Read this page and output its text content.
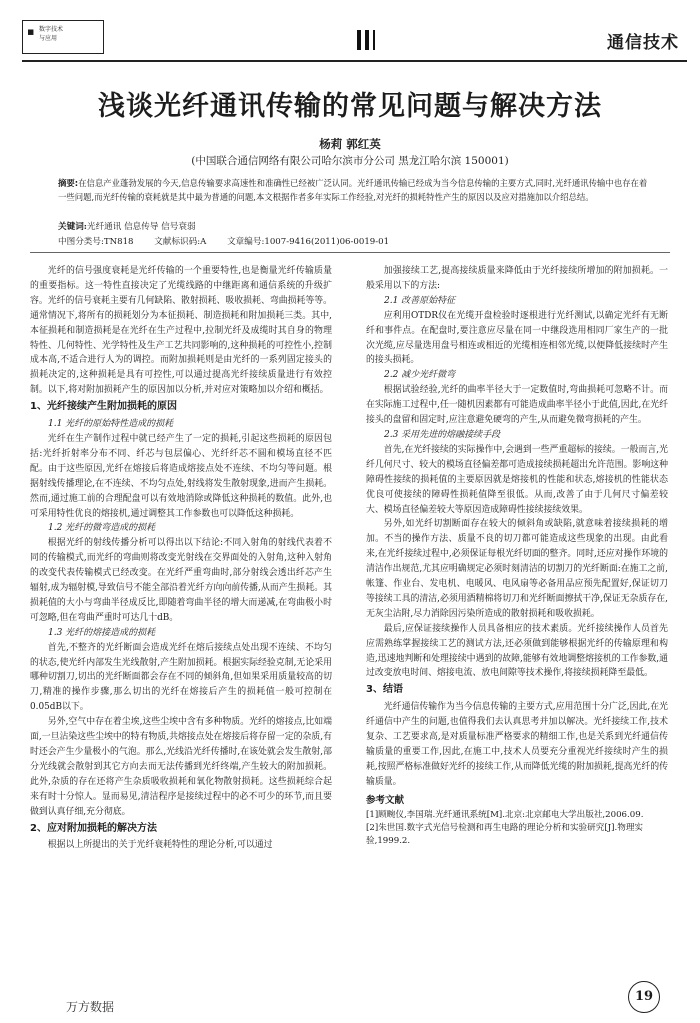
▪ 数字技术
与应用	通信技术
浅谈光纤通讯传输的常见问题与解决方法
杨莉 郭红英
(中国联合通信网络有限公司哈尔滨市分公司 黑龙江哈尔滨 150001)
摘要:在信息产业蓬勃发展的今天,信息传输要求高速性和准确性已经被广泛认同。光纤通讯传输已经成为当今信息传输的主要方式,同时,光纤通讯传输中也存在着一些问题,而光纤传输的衰耗就是其中最为普通的问题,本文根据作者多年实际工作经验,对光纤的损耗特性产生的原因以及应对措施加以介绍总结。
关键词:光纤通讯 信息传导 信号衰弱
中图分类号:TN818 文献标识码:A 文章编号:1007-9416(2011)06-0019-01

光纤的信号强度衰耗是光纤传输的一个重要特性,也是衡量光纤传输质量的重要指标。这一特性直接决定了光缆线路的中继距离和通信系统的升级扩容。光纤的信号衰耗主要有几何缺陷、散射损耗、吸收损耗、弯曲损耗等等。通常情况下,将所有的损耗划分为本征损耗、制造损耗和附加损耗三类。其中,本征损耗和制造损耗是在光纤在生产过程中,拉制光纤及成缆时其自身的物理特性、几何特性、光学特性及生产工艺共同影响的,这种损耗的可控性小,控制成本高,不适合进行人为的调控。而附加损耗则是由光纤的一系列固定接头的损耗决定的,这种损耗是具有可控性,可以通过提高光纤接续质量进行有效控制。以下,将对附加损耗产生的原因加以分析,并对应对策略加以介绍和概括。

1、光纤接续产生附加损耗的原因
1.1 光纤的原始特性造成的损耗

光纤在生产制作过程中就已经产生了一定的损耗,引起这些损耗的原因包括:光纤折射率分布不同、纤芯与包层偏心、光纤纤芯不圆和模场直径不匹配。由于这些原因,光纤在熔接后将造成熔接点处不连续、不均匀等问题。根据射线传播理论,在不连续、不均匀点处,射线将发生散射现象,进而产生损耗。然而,通过施工前的合理配盘可以有效地消除或降低这种损耗的数值。此外,也可采用特性优良的熔接机,通过调整其工作参数也可以降低这种损耗。

1.2 光纤的微弯造成的损耗

根据光纤的射线传播分析可以得出以下结论:不同入射角的射线代表着不同的传输模式,而光纤的弯曲则将改变光射线在交界面处的入射角,这种入射角的改变代表传输模式已经改变。在光纤严重弯曲时,部分射线会透出纤芯产生辐射,成为辐射模,导致信号不能全部沿着光纤方向向前传播,从而产生损耗。其损耗值的大小与弯曲半径成反比,即随着弯曲半径的增大而递减,在弯曲极小时可忽略,但在弯曲严重时可达几十dB。

1.3 光纤的熔接造成的损耗

首先,不整齐的光纤断面会造成光纤在熔后接续点处出现不连续、不均匀的状态,使光纤内部发生光线散射,产生附加损耗。根据实际经验克制,无论采用哪种切割刀,切出的光纤断面都会存在不同的倾斜角,但如果采用质量较高的切刀,精准的操作步骤,那么切出的光纤在熔接后产生的损耗值一般可控制在0.05dB以下。

另外,空气中存在着尘埃,这些尘埃中含有多种物质。光纤的熔接点,比如端面,一旦沾染这些尘埃中的特有物质,共熔接点处在熔接后将存留一定的杂质,有时还会产生少量极小的气泡。那么,光线沿光纤传播时,在该处就会发生散射,部分光线就会散射到其它方向去而无法传播到光纤终端,产生较大的附加损耗。此外,杂质的存在还将产生杂质吸收损耗和氧化物散射损耗。这些损耗综合起来有时十分惊人。显而易见,清洁程序是接续过程中的必不可少的环节,而且要做到认真仔细,充分彻底。

2、应对附加损耗的解决方法

根据以上所提出的关于光纤衰耗特性的理论分析,可以通过

加强接续工艺,提高接续质量来降低由于光纤接续所增加的附加损耗。一般采用以下的方法:

2.1 改善原始特征

应利用OTDR仪在光缆开盘检验时逐根进行光纤测试,以确定光纤有无断纤和事件点。在配盘时,要注意应尽量在同一中继段选用相同厂家生产的一批次光缆,应尽量选用盘号相连或相近的光缆相连相邻光缆,以便降低接续时产生的接头损耗。

2.2 减少光纤微弯

根据试验经验,光纤的曲率半径大于一定数值时,弯曲损耗可忽略不计。而在实际施工过程中,任一随机因素都有可能造成曲率半径小于此值,因此,在光纤接头的盘留和固定时,应注意避免硬弯的产生,从而避免微弯损耗的产生。

2.3 采用先进的熔融接续手段

首先,在光纤接续的实际操作中,会遇到一些严重超标的接续。一般而言,光纤几何尺寸、较大的模场直径偏差都可造成接续损耗超出允许范围。影响这种障碍性接续的损耗值的主要原因就是熔接机的性能和状态,熔接机的性能状态优良可使接续的障碍性损耗值降至很低。从而,改善了由于几何尺寸偏差较大、模场直径偏差较大等原因造成障碍性接续接续效果。

另外,如光纤切割断面存在较大的倾斜角或缺陷,就意味着接续损耗的增加。不当的操作方法、质量不良的切刀都可能造成这些现象的出现。由此看来,在光纤接续过程中,必须保证每根光纤切面的整齐。同时,还应对操作环境的清洁作出规范,尤其应明确规定必须时刻清洁的切割刀的光纤断面:在施工之前,帐篷、作业台、发电机、电暖风、电风扇等必备用品应预先配置好,保证切刀等接续工具的清洁,必须用酒精棉将切刀和光纤断面擦拭干净,保证无杂质存在,无灰尘沾附,尽力消除因污染所造成的散射损耗和吸收损耗。

最后,应保证接续操作人员具备相应的技术素质。光纤接续操作人员首先应需熟练掌握接续工艺的测试方法,还必须做到能够根据光纤的传输原理和构造,迅速地判断和处理接续中遇到的故障,能够有效地调整熔接机的工作参数,通过改变放电时间、熔接电流、放电间隙等技术操作,将接续损耗降至最低。

3、结语

光纤通信传输作为当今信息传输的主要方式,应用范围十分广泛,因此,在光纤通信中产生的问题,也值得我们去认真思考并加以解决。光纤接续工作,技术复杂、工艺要求高,是对质量标准严格要求的精细工作,也是关系到光纤通信传输质量的重要工作,因此,在施工中,技术人员要充分重视光纤接续时产生的损耗,按照严格标准做好光纤的接续工作,从而降低光缆的附加损耗,提高光纤的传输质量。

参考文献
[1]顾畹仪,李国瑞.光纤通讯系统[M].北京:北京邮电大学出版社,2006.09.
[2]朱世国.数字式光信号检测和再生电路的理论分析和实验研究[J].物理实验,1999.2.
万方数据
19
